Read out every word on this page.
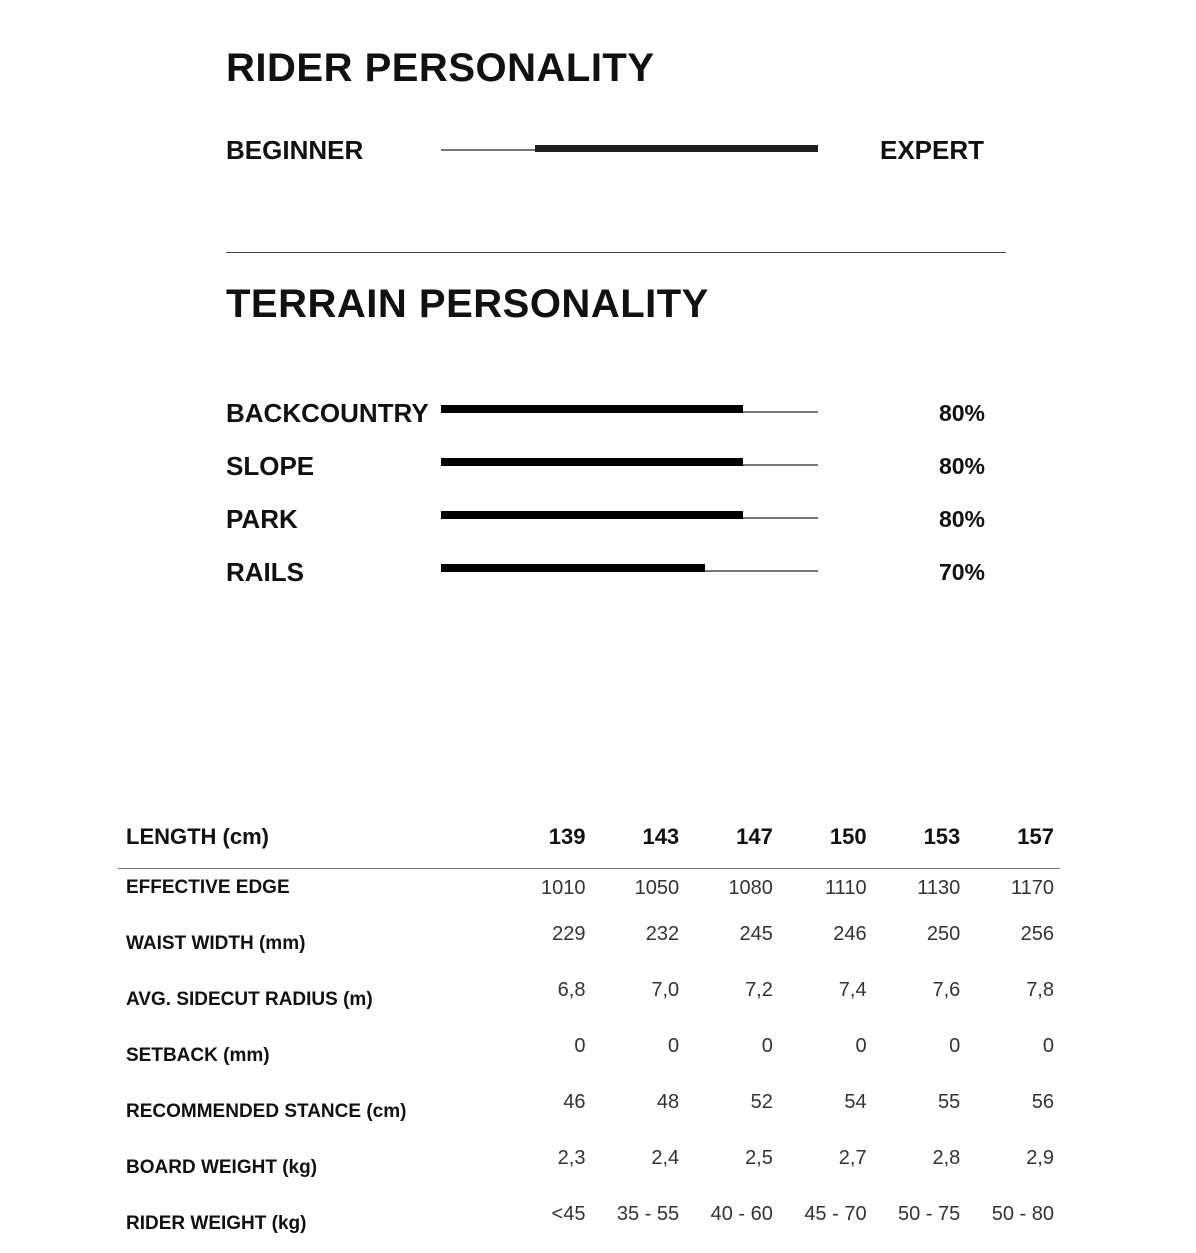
RIDER PERSONALITY
BEGINNER	EXPERT
TERRAIN PERSONALITY
BACKCOUNTRY	80%
SLOPE	80%
PARK	80%
RAILS	70%
LENGTH (cm)	139	143	147	150	153	157
EFFECTIVE EDGE	1010	1050	1080	1110	1130	1170
WAIST WIDTH (mm)	229	232	245	246	250	256
AVG. SIDECUT RADIUS (m)	6,8	7,0	7,2	7,4	7,6	7,8
SETBACK (mm)	0	0	0	0	0	0
RECOMMENDED STANCE (cm)	46	48	52	54	55	56
BOARD WEIGHT (kg)	2,3	2,4	2,5	2,7	2,8	2,9
RIDER WEIGHT (kg)	<45	35 - 55	40 - 60	45 - 70	50 - 75	50 - 80
